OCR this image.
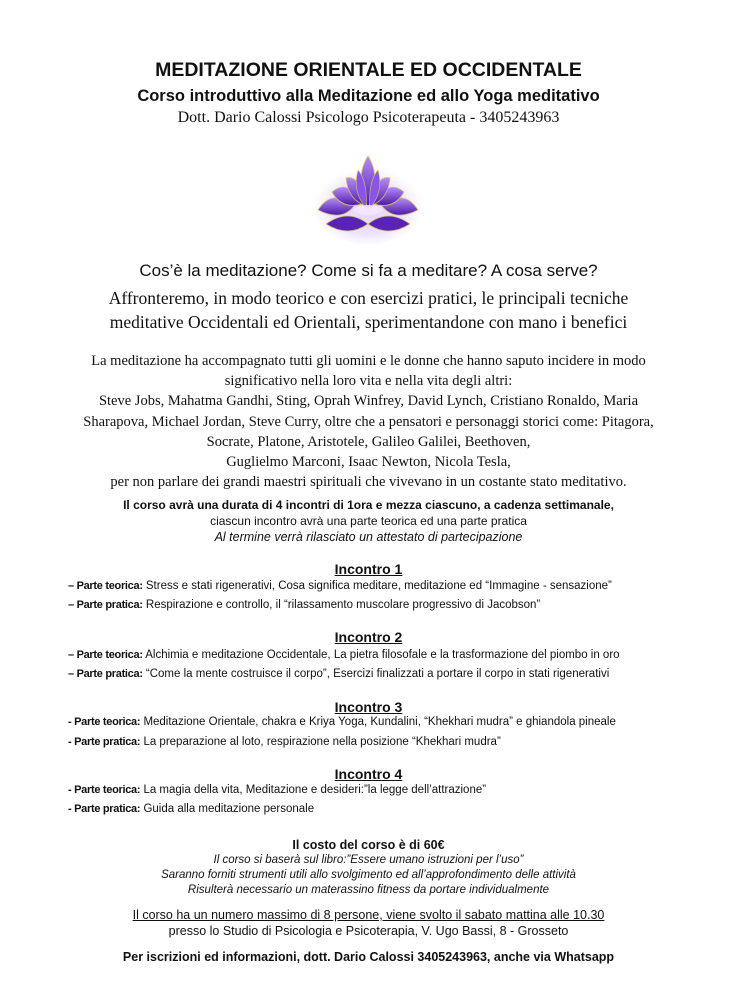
MEDITAZIONE ORIENTALE ED OCCIDENTALE
Corso introduttivo alla Meditazione ed allo Yoga meditativo
Dott. Dario Calossi Psicologo Psicoterapeuta - 3405243963
Cos’è la meditazione? Come si fa a meditare? A cosa serve?
Affronteremo, in modo teorico e con esercizi pratici, le principali tecniche
meditative Occidentali ed Orientali, sperimentandone con mano i benefici
La meditazione ha accompagnato tutti gli uomini e le donne che hanno saputo incidere in modo
significativo nella loro vita e nella vita degli altri:
Steve Jobs, Mahatma Gandhi, Sting, Oprah Winfrey, David Lynch, Cristiano Ronaldo, Maria
Sharapova, Michael Jordan, Steve Curry, oltre che a pensatori e personaggi storici come: Pitagora,
Socrate, Platone, Aristotele, Galileo Galilei, Beethoven,
Guglielmo Marconi, Isaac Newton, Nicola Tesla,
per non parlare dei grandi maestri spirituali che vivevano in un costante stato meditativo.
Il corso avrà una durata di 4 incontri di 1ora e mezza ciascuno, a cadenza settimanale,
ciascun incontro avrà una parte teorica ed una parte pratica
Al termine verrà rilasciato un attestato di partecipazione
Incontro 1
– Parte teorica: Stress e stati rigenerativi, Cosa significa meditare, meditazione ed “Immagine - sensazione”
– Parte pratica: Respirazione e controllo, il “rilassamento muscolare progressivo di Jacobson”
Incontro 2
– Parte teorica: Alchimia e meditazione Occidentale, La pietra filosofale e la trasformazione del piombo in oro
– Parte pratica: “Come la mente costruisce il corpo”, Esercizi finalizzati a portare il corpo in stati rigenerativi
Incontro 3
- Parte teorica: Meditazione Orientale, chakra e Kriya Yoga, Kundalini, “Khekhari mudra” e ghiandola pineale
- Parte pratica: La preparazione al loto, respirazione nella posizione “Khekhari mudra”
Incontro 4
- Parte teorica: La magia della vita, Meditazione e desideri:”la legge dell’attrazione”
- Parte pratica: Guida alla meditazione personale
Il costo del corso è di 60€
Il corso si baserà sul libro:”Essere umano istruzioni per l’uso”
Saranno forniti strumenti utili allo svolgimento ed all’approfondimento delle attività
Risulterà necessario un materassino fitness da portare individualmente
Il corso ha un numero massimo di 8 persone, viene svolto il sabato mattina alle 10.30
presso lo Studio di Psicologia e Psicoterapia, V. Ugo Bassi, 8 - Grosseto
Per iscrizioni ed informazioni, dott. Dario Calossi 3405243963, anche via Whatsapp
